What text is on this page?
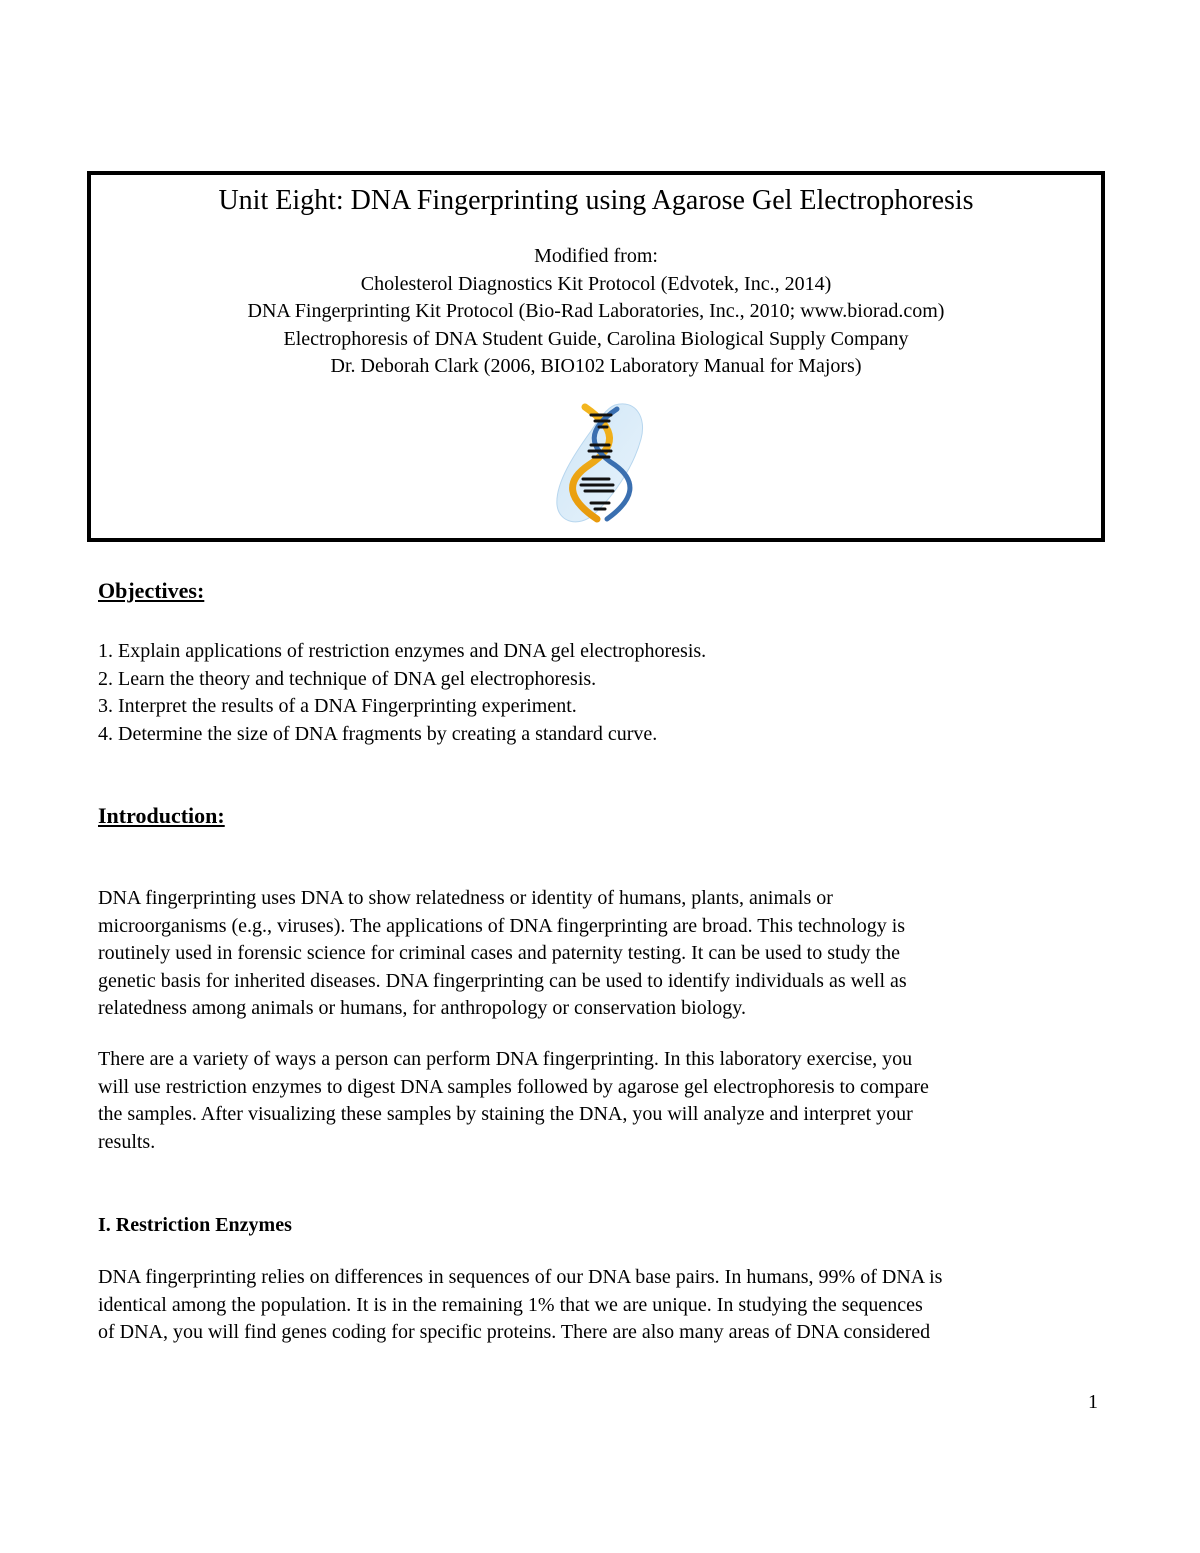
Unit Eight: DNA Fingerprinting using Agarose Gel Electrophoresis
Modified from:
Cholesterol Diagnostics Kit Protocol (Edvotek, Inc., 2014)
DNA Fingerprinting Kit Protocol (Bio-Rad Laboratories, Inc., 2010; www.biorad.com)
Electrophoresis of DNA Student Guide, Carolina Biological Supply Company
Dr. Deborah Clark (2006, BIO102 Laboratory Manual for Majors)
Objectives:
1. Explain applications of restriction enzymes and DNA gel electrophoresis.
2. Learn the theory and technique of DNA gel electrophoresis.
3. Interpret the results of a DNA Fingerprinting experiment.
4. Determine the size of DNA fragments by creating a standard curve.
Introduction:

DNA fingerprinting uses DNA to show relatedness or identity of humans, plants, animals or
microorganisms (e.g., viruses). The applications of DNA fingerprinting are broad. This technology is
routinely used in forensic science for criminal cases and paternity testing. It can be used to study the
genetic basis for inherited diseases. DNA fingerprinting can be used to identify individuals as well as
relatedness among animals or humans, for anthropology or conservation biology.

There are a variety of ways a person can perform DNA fingerprinting. In this laboratory exercise, you
will use restriction enzymes to digest DNA samples followed by agarose gel electrophoresis to compare
the samples. After visualizing these samples by staining the DNA, you will analyze and interpret your
results.

I. Restriction Enzymes

DNA fingerprinting relies on differences in sequences of our DNA base pairs. In humans, 99% of DNA is
identical among the population. It is in the remaining 1% that we are unique. In studying the sequences
of DNA, you will find genes coding for specific proteins. There are also many areas of DNA considered

1
